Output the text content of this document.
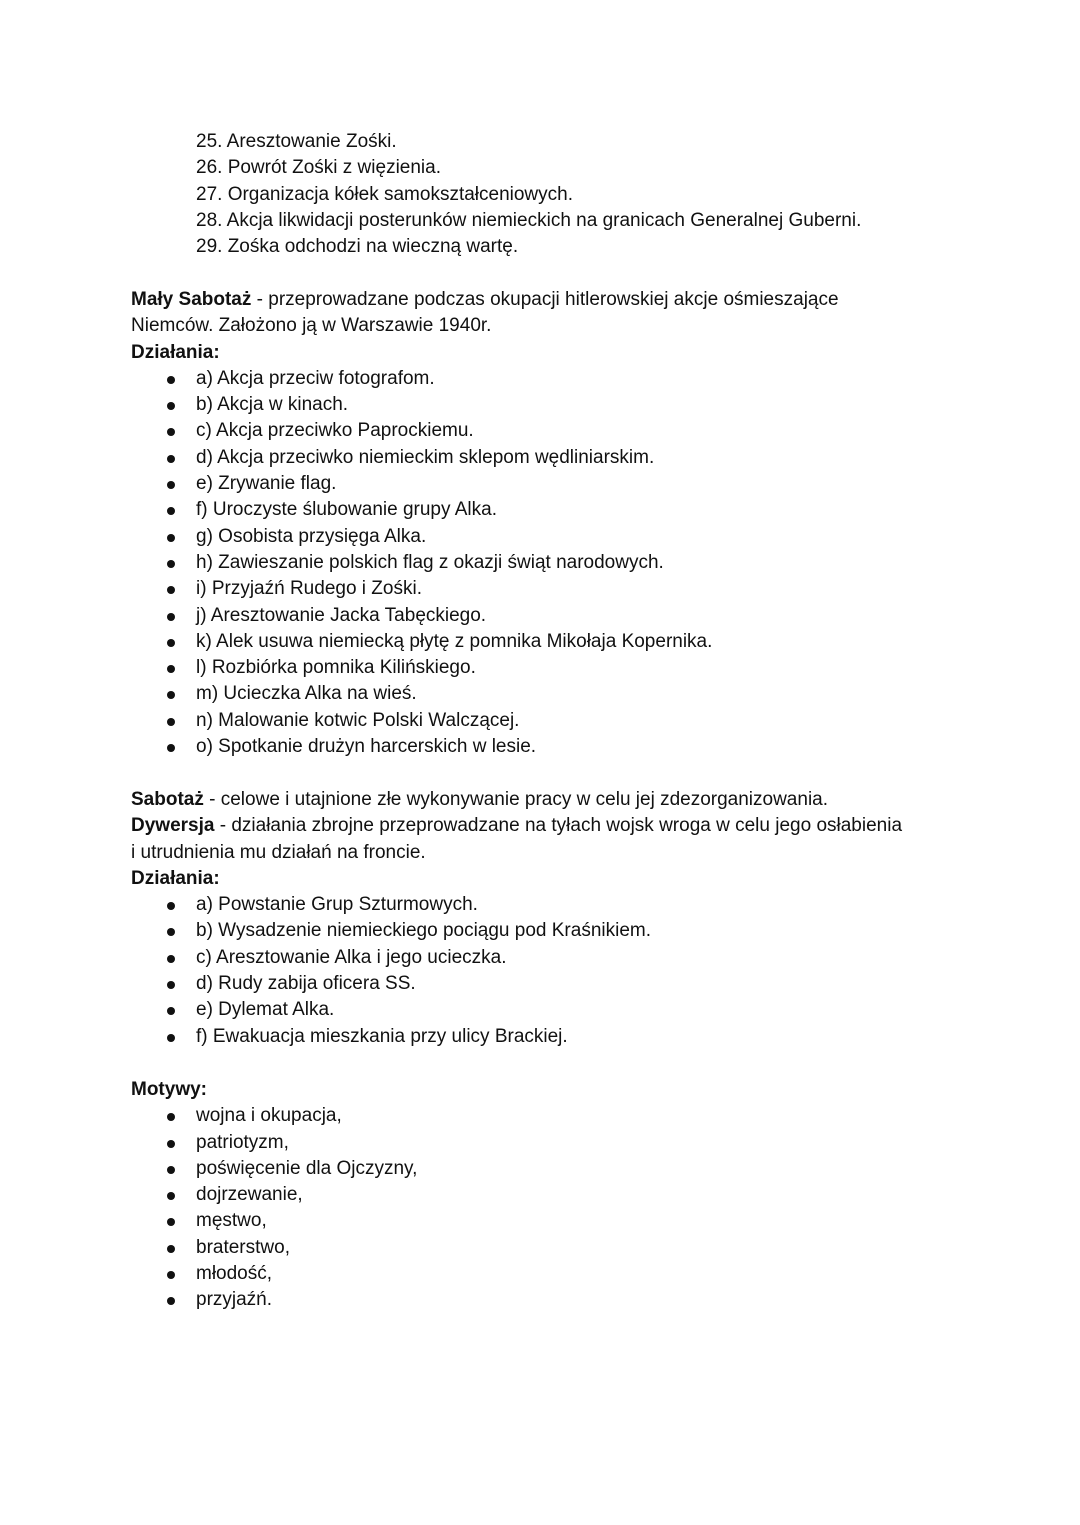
25. Aresztowanie Zośki.
26. Powrót Zośki z więzienia.
27. Organizacja kółek samokształceniowych.
28. Akcja likwidacji posterunków niemieckich na granicach Generalnej Guberni.
29. Zośka odchodzi na wieczną wartę.
Mały Sabotaż - przeprowadzane podczas okupacji hitlerowskiej akcje ośmieszające
Niemców. Założono ją w Warszawie 1940r.
Działania:
a) Akcja przeciw fotografom.
b) Akcja w kinach.
c) Akcja przeciwko Paprockiemu.
d) Akcja przeciwko niemieckim sklepom wędliniarskim.
e) Zrywanie flag.
f) Uroczyste ślubowanie grupy Alka.
g) Osobista przysięga Alka.
h) Zawieszanie polskich flag z okazji świąt narodowych.
i) Przyjaźń Rudego i Zośki.
j) Aresztowanie Jacka Tabęckiego.
k) Alek usuwa niemiecką płytę z pomnika Mikołaja Kopernika.
l) Rozbiórka pomnika Kilińskiego.
m) Ucieczka Alka na wieś.
n) Malowanie kotwic Polski Walczącej.
o) Spotkanie drużyn harcerskich w lesie.
Sabotaż - celowe i utajnione złe wykonywanie pracy w celu jej zdezorganizowania.
Dywersja - działania zbrojne przeprowadzane na tyłach wojsk wroga w celu jego osłabienia
i utrudnienia mu działań na froncie.
Działania:
a) Powstanie Grup Szturmowych.
b) Wysadzenie niemieckiego pociągu pod Kraśnikiem.
c) Aresztowanie Alka i jego ucieczka.
d) Rudy zabija oficera SS.
e) Dylemat Alka.
f) Ewakuacja mieszkania przy ulicy Brackiej.
Motywy:
wojna i okupacja,
patriotyzm,
poświęcenie dla Ojczyzny,
dojrzewanie,
męstwo,
braterstwo,
młodość,
przyjaźń.
